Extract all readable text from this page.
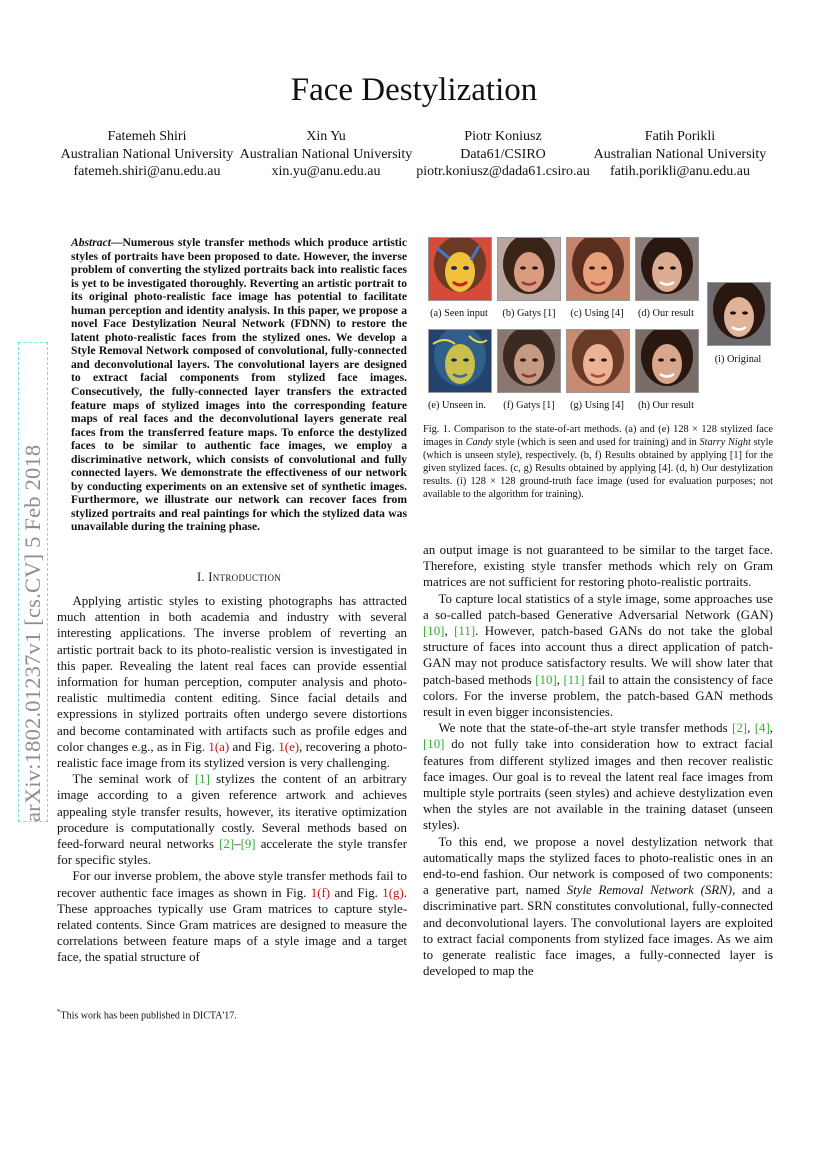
Face Destylization
Fatemeh Shiri
Australian National University
fatemeh.shiri@anu.edu.au
Xin Yu
Australian National University
xin.yu@anu.edu.au
Piotr Koniusz
Data61/CSIRO
piotr.koniusz@dada61.csiro.au
Fatih Porikli
Australian National University
fatih.porikli@anu.edu.au
arXiv:1802.01237v1 [cs.CV] 5 Feb 2018
Abstract—Numerous style transfer methods which produce artistic styles of portraits have been proposed to date. However, the inverse problem of converting the stylized portraits back into realistic faces is yet to be investigated thoroughly. Reverting an artistic portrait to its original photo-realistic face image has potential to facilitate human perception and identity analysis. In this paper, we propose a novel Face Destylization Neural Network (FDNN) to restore the latent photo-realistic faces from the stylized ones. We develop a Style Removal Network composed of convolutional, fully-connected and deconvolutional layers. The convolutional layers are designed to extract facial components from stylized face images. Consecutively, the fully-connected layer transfers the extracted feature maps of stylized images into the corresponding feature maps of real faces and the deconvolutional layers generate real faces from the transferred feature maps. To enforce the destylized faces to be similar to authentic face images, we employ a discriminative network, which consists of convolutional and fully connected layers. We demonstrate the effectiveness of our network by conducting experiments on an extensive set of synthetic images. Furthermore, we illustrate our network can recover faces from stylized portraits and real paintings for which the stylized data was unavailable during the training phase.
I. Introduction

Applying artistic styles to existing photographs has attracted much attention in both academia and industry with several interesting applications. The inverse problem of reverting an artistic portrait back to its photo-realistic version is investigated in this paper. Revealing the latent real faces can provide essential information for human perception, computer analysis and photo-realistic multimedia content editing. Since facial details and expressions in stylized portraits often undergo severe distortions and become contaminated with artifacts such as profile edges and color changes e.g., as in Fig. 1(a) and Fig. 1(e), recovering a photo-realistic face image from its stylized version is very challenging.

The seminal work of [1] stylizes the content of an arbitrary image according to a given reference artwork and achieves appealing style transfer results, however, its iterative optimization procedure is computationally costly. Several methods based on feed-forward neural networks [2]–[9] accelerate the style transfer for specific styles.

For our inverse problem, the above style transfer methods fail to recover authentic face images as shown in Fig. 1(f) and Fig. 1(g). These approaches typically use Gram matrices to capture style-related contents. Since Gram matrices are designed to measure the correlations between feature maps of a style image and a target face, the spatial structure of

an output image is not guaranteed to be similar to the target face. Therefore, existing style transfer methods which rely on Gram matrices are not sufficient for restoring photo-realistic portraits.

To capture local statistics of a style image, some approaches use a so-called patch-based Generative Adversarial Network (GAN) [10], [11]. However, patch-based GANs do not take the global structure of faces into account thus a direct application of patch-GAN may not produce satisfactory results. We will show later that patch-based methods [10], [11] fail to attain the consistency of face colors. For the inverse problem, the patch-based GAN methods result in even bigger inconsistencies.

We note that the state-of-the-art style transfer methods [2], [4], [10] do not fully take into consideration how to extract facial features from different stylized images and then recover realistic face images. Our goal is to reveal the latent real face images from multiple style portraits (seen styles) and achieve destylization even when the styles are not available in the training dataset (unseen styles).

To this end, we propose a novel destylization network that automatically maps the stylized faces to photo-realistic ones in an end-to-end fashion. Our network is composed of two components: a generative part, named Style Removal Network (SRN), and a discriminative part. SRN constitutes convolutional, fully-connected and deconvolutional layers. The convolutional layers are exploited to extract facial components from stylized face images. As we aim to generate realistic face images, a fully-connected layer is developed to map the

(a) Seen input	(b) Gatys [1]	(c) Using [4]	(d) Our result
(e) Unseen in.	(f) Gatys [1]	(g) Using [4]	(h) Our result
(i) Original
Fig. 1. Comparison to the state-of-art methods. (a) and (e) 128 × 128 stylized face images in Candy style (which is seen and used for training) and in Starry Night style (which is unseen style), respectively. (b, f) Results obtained by applying [1] for the given stylized faces. (c, g) Results obtained by applying [4]. (d, h) Our destylization results. (i) 128 × 128 ground-truth face image (used for evaluation purposes; not available to the algorithm for training).
*This work has been published in DICTA'17.
